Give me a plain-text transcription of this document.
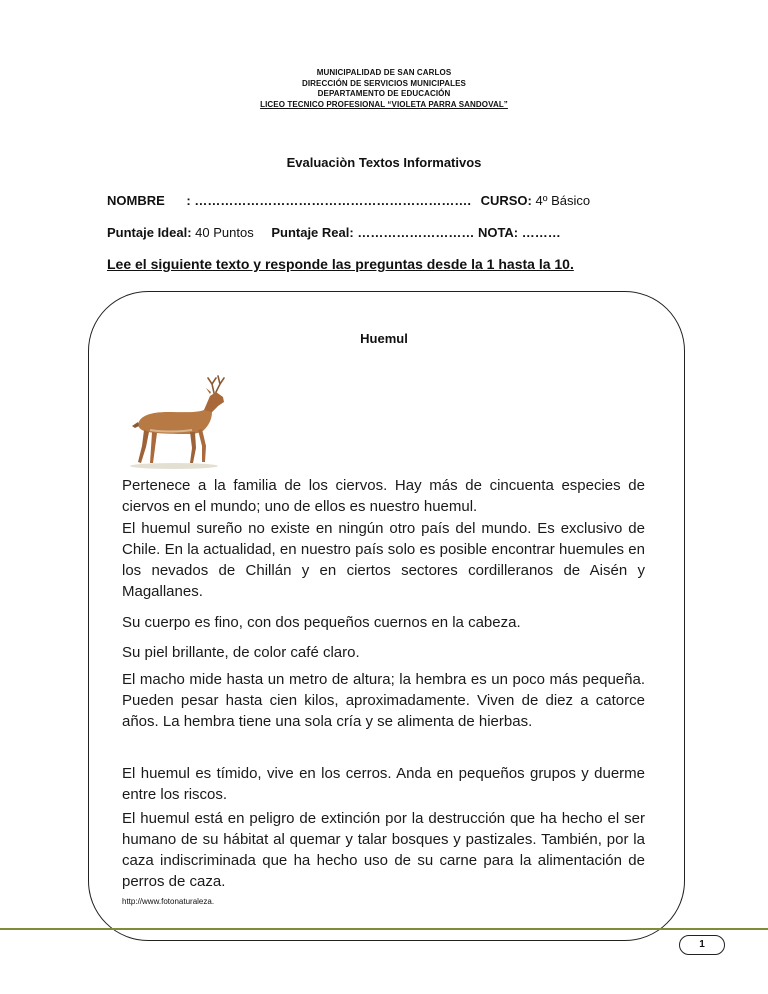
MUNICIPALIDAD DE SAN CARLOS
DIRECCIÓN DE SERVICIOS MUNICIPALES
DEPARTAMENTO DE EDUCACIÓN
LICEO TECNICO PROFESIONAL “VIOLETA PARRA SANDOVAL”
Evaluaciòn Textos Informativos
NOMBRE : ………………………………………………………. CURSO: 4º Básico
Puntaje Ideal: 40 Puntos Puntaje Real: ……………………… NOTA: ………
Lee el siguiente texto y responde las preguntas desde la 1 hasta la 10.
Huemul
Pertenece a la familia de los ciervos. Hay más de cincuenta especies de ciervos en el mundo; uno de ellos es nuestro huemul.
El huemul sureño no existe en ningún otro país del mundo. Es exclusivo de Chile. En la actualidad, en nuestro país solo es posible encontrar huemules en los nevados de Chillán y en ciertos sectores cordilleranos de Aisén y Magallanes.
Su cuerpo es fino, con dos pequeños cuernos en la cabeza.
Su piel brillante, de color café claro.
El macho mide hasta un metro de altura; la hembra es un poco más pequeña. Pueden pesar hasta cien kilos, aproximadamente. Viven de diez a catorce años. La hembra tiene una sola cría y se alimenta de hierbas.
El huemul es tímido, vive en los cerros. Anda en pequeños grupos y duerme entre los riscos.
El huemul está en peligro de extinción por la destrucción que ha hecho el ser humano de su hábitat al quemar y talar bosques y pastizales. También, por la caza indiscriminada que ha hecho uso de su carne para la alimentación de perros de caza.
http://www.fotonaturaleza.
1
